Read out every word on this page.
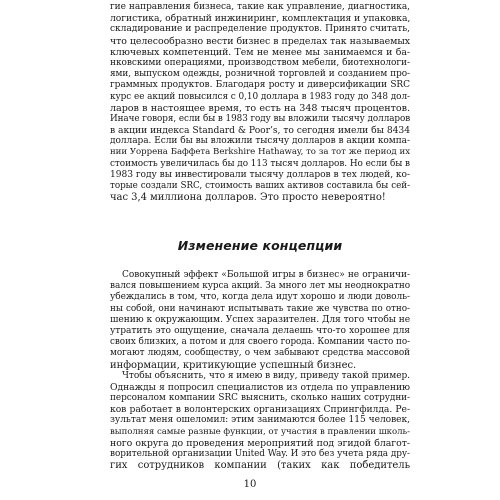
гие направления бизнеса, такие как управление, диагностика,
логистика, обратный инжиниринг, комплектация и упаковка,
складирование и распределение продуктов. Принято считать,
что целесообразно вести бизнес в пределах так называемых
ключевых компетенций. Тем не менее мы занимаемся и ба-
нковскими операциями, производством мебели, биотехнологи-
ями, выпуском одежды, розничной торговлей и созданием про-
граммных продуктов. Благодаря росту и диверсификации SRC
курс ее акций повысился с 0,10 доллара в 1983 году до 348 дол-
ларов в настоящее время, то есть на 348 тысяч процентов.
Иначе говоря, если бы в 1983 году вы вложили тысячу долларов
в акции индекса Standard & Poor’s, то сегодня имели бы 8434
доллара. Если бы вы вложили тысячу долларов в акции компа-
нии Уоррена Баффета Berkshire Hathaway, то за тот же период их
стоимость увеличилась бы до 113 тысяч долларов. Но если бы в
1983 году вы инвестировали тысячу долларов в тех людей, ко-
торые создали SRC, стоимость ваших активов составила бы сей-
час 3,4 миллиона долларов. Это просто невероятно!
Изменение концепции
Совокупный эффект «Большой игры в бизнес» не ограничи-
вался повышением курса акций. За много лет мы неоднократно
убеждались в том, что, когда дела идут хорошо и люди доволь-
ны собой, они начинают испытывать такие же чувства по отно-
шению к окружающим. Успех заразителен. Для того чтобы не
утратить это ощущение, сначала делаешь что-то хорошее для
своих близких, а потом и для своего города. Компании часто по-
могают людям, сообществу, о чем забывают средства массовой
информации, критикующие успешный бизнес.
Чтобы объяснить, что я имею в виду, приведу такой пример.
Однажды я попросил специалистов из отдела по управлению
персоналом компании SRC выяснить, сколько наших сотрудни-
ков работает в волонтерских организациях Спрингфилда. Ре-
зультат меня ошеломил: этим занимаются более 115 человек,
выполняя самые разные функции, от участия в правлении школь-
ного округа до проведения мероприятий под эгидой благот-
ворительной организации United Way. И это без учета ряда дру-
гих сотрудников компании (таких как победитель
10
